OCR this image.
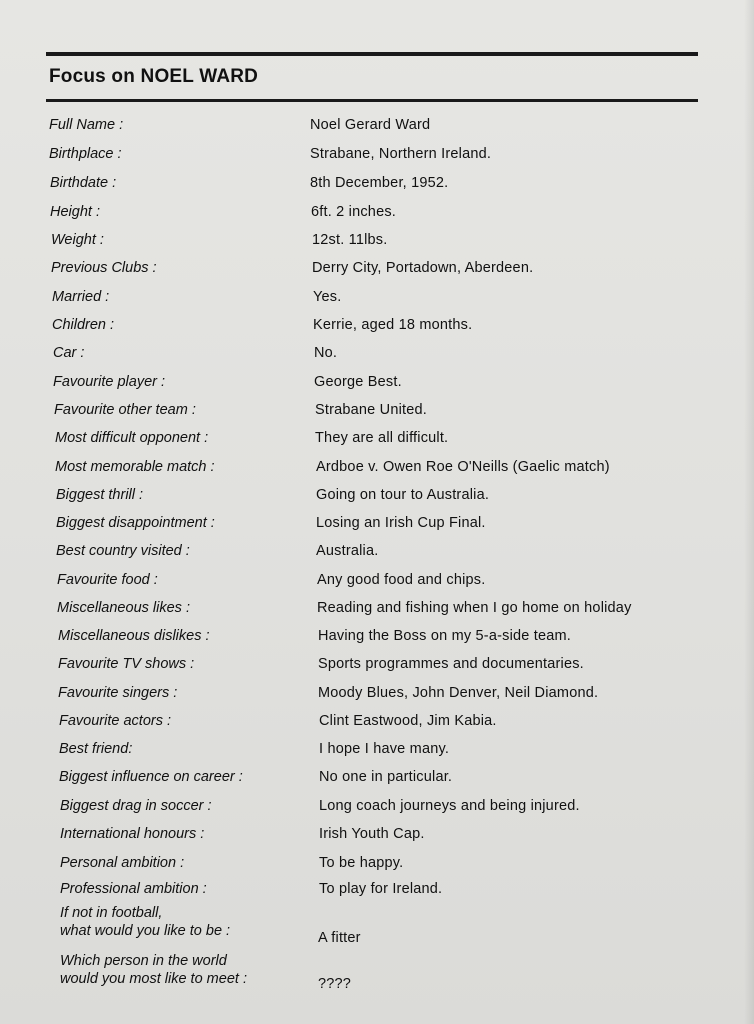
Focus on NOEL WARD
Full Name :	Noel Gerard Ward
Birthplace :	Strabane, Northern Ireland.
Birthdate :	8th December, 1952.
Height :	6ft. 2 inches.
Weight :	12st. 11lbs.
Previous Clubs :	Derry City, Portadown, Aberdeen.
Married :	Yes.
Children :	Kerrie, aged 18 months.
Car :	No.
Favourite player :	George Best.
Favourite other team :	Strabane United.
Most difficult opponent :	They are all difficult.
Most memorable match :	Ardboe v. Owen Roe O'Neills (Gaelic match)
Biggest thrill :	Going on tour to Australia.
Biggest disappointment :	Losing an Irish Cup Final.
Best country visited :	Australia.
Favourite food :	Any good food and chips.
Miscellaneous likes :	Reading and fishing when I go home on holiday
Miscellaneous dislikes :	Having the Boss on my 5-a-side team.
Favourite TV shows :	Sports programmes and documentaries.
Favourite singers :	Moody Blues, John Denver, Neil Diamond.
Favourite actors :	Clint Eastwood, Jim Kabia.
Best friend:	I hope I have many.
Biggest influence on career :	No one in particular.
Biggest drag in soccer :	Long coach journeys and being injured.
International honours :	Irish Youth Cap.
Personal ambition :	To be happy.
Professional ambition :	To play for Ireland.
If not in football,
what would you like to be :	A fitter
Which person in the world
would you most like to meet :	????
